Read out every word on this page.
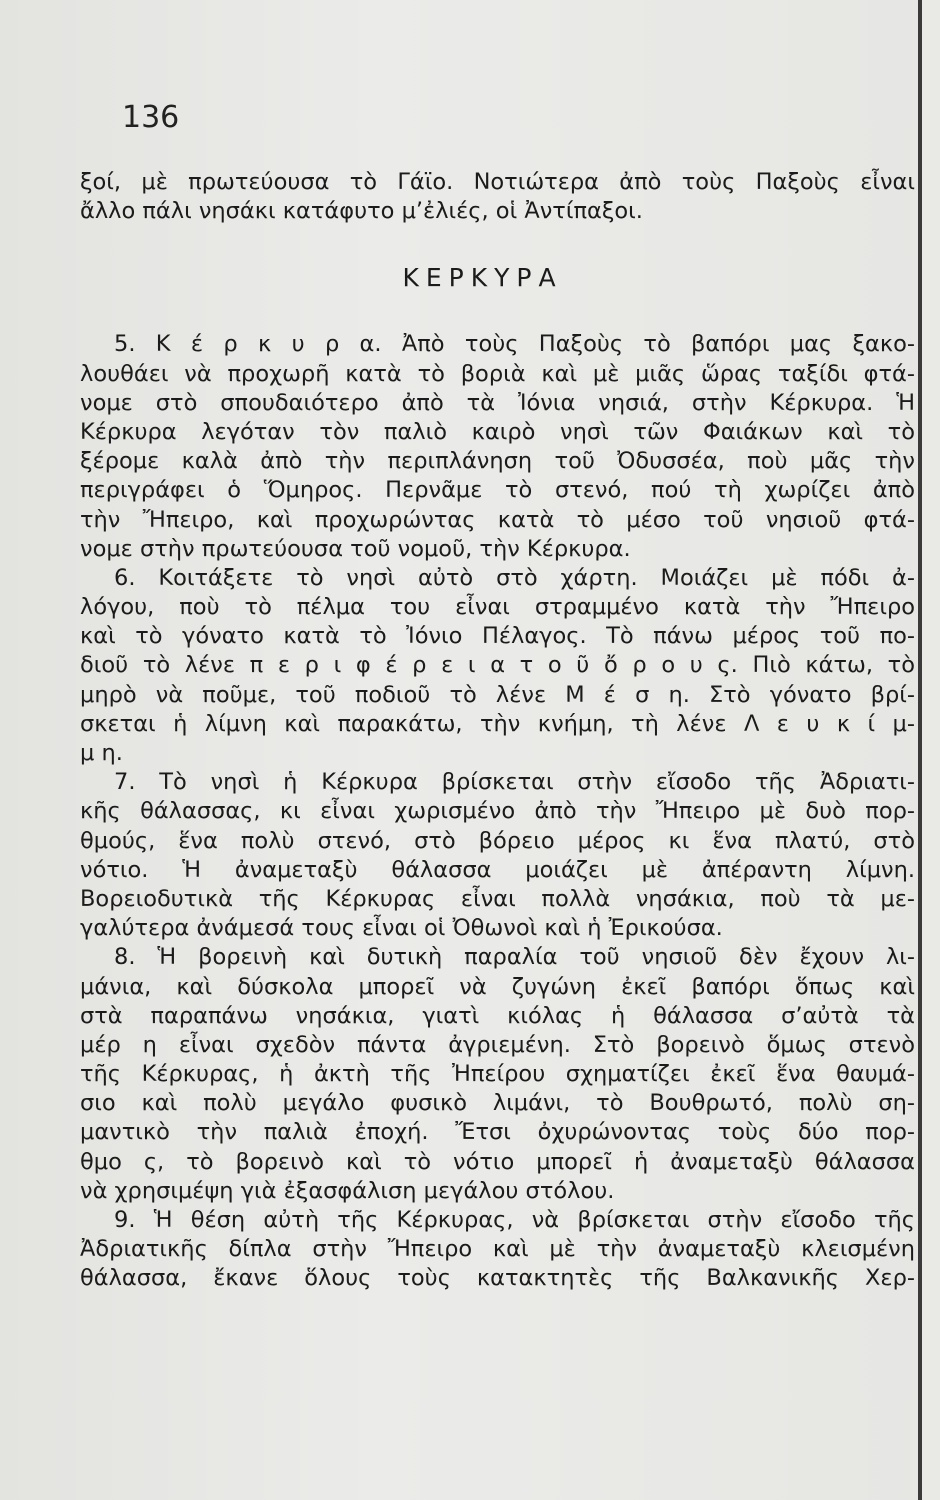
136
ξοί, μὲ πρωτεύουσα τὸ Γάϊο. Νοτιώτερα ἀπὸ τοὺς Παξοὺς εἶναι
ἄλλο πάλι νησάκι κατάφυτο μ’ἐλιές, οἱ Ἀντίπαξοι.
ΚΕΡΚΥΡΑ
5. Κ έ ρ κ υ ρ α. Ἀπὸ τοὺς Παξοὺς τὸ βαπόρι μας ξακο-
λουθάει νὰ προχωρῆ κατὰ τὸ βοριὰ καὶ μὲ μιᾶς ὥρας ταξίδι φτά-
νομε στὸ σπουδαιότερο ἀπὸ τὰ Ἰόνια νησιά, στὴν Κέρκυρα. Ἡ
Κέρκυρα λεγόταν τὸν παλιὸ καιρὸ νησὶ τῶν Φαιάκων καὶ τὸ
ξέρομε καλὰ ἀπὸ τὴν περιπλάνηση τοῦ Ὀδυσσέα, ποὺ μᾶς τὴν
περιγράφει ὁ Ὅμηρος. Περνᾶμε τὸ στενό, πού τὴ χωρίζει ἀπὸ
τὴν Ἤπειρο, καὶ προχωρώντας κατὰ τὸ μέσο τοῦ νησιοῦ φτά-
νομε στὴν πρωτεύουσα τοῦ νομοῦ, τὴν Κέρκυρα.
6. Κοιτάξετε τὸ νησὶ αὐτὸ στὸ χάρτη. Μοιάζει μὲ πόδι ἀ-
λόγου, ποὺ τὸ πέλμα του εἶναι στραμμένο κατὰ τὴν Ἤπειρο
καὶ τὸ γόνατο κατὰ τὸ Ἰόνιο Πέλαγος. Τὸ πάνω μέρος τοῦ πο-
διοῦ τὸ λένε π ε ρ ι φ έ ρ ε ι α τ ο ῦ ὄ ρ ο υ ς. Πιὸ κάτω, τὸ
μηρὸ νὰ ποῦμε, τοῦ ποδιοῦ τὸ λένε Μ έ σ η. Στὸ γόνατο βρί-
σκεται ἡ λίμνη καὶ παρακάτω, τὴν κνήμη, τὴ λένε Λ ε υ κ ί μ-
μ η.
7. Τὸ νησὶ ἡ Κέρκυρα βρίσκεται στὴν εἴσοδο τῆς Ἀδριατι-
κῆς θάλασσας, κι εἶναι χωρισμένο ἀπὸ τὴν Ἤπειρο μὲ δυὸ πορ-
θμούς, ἕνα πολὺ στενό, στὸ βόρειο μέρος κι ἕνα πλατύ, στὸ
νότιο. Ἡ ἀναμεταξὺ θάλασσα μοιάζει μὲ ἀπέραντη λίμνη.
Βορειοδυτικὰ τῆς Κέρκυρας εἶναι πολλὰ νησάκια, ποὺ τὰ με-
γαλύτερα ἀνάμεσά τους εἶναι οἱ Ὀθωνοὶ καὶ ἡ Ἐρικούσα.
8. Ἡ βορεινὴ καὶ δυτικὴ παραλία τοῦ νησιοῦ δὲν ἔχουν λι-
μάνια, καὶ δύσκολα μπορεῖ νὰ ζυγώνη ἐκεῖ βαπόρι ὅπως καὶ
στὰ παραπάνω νησάκια, γιατὶ κιόλας ἡ θάλασσα σ’αὐτὰ τὰ
μέρ η εἶναι σχεδὸν πάντα ἀγριεμένη. Στὸ βορεινὸ ὅμως στενὸ
τῆς Κέρκυρας, ἡ ἀκτὴ τῆς Ἠπείρου σχηματίζει ἐκεῖ ἕνα θαυμά-
σιο καὶ πολὺ μεγάλο φυσικὸ λιμάνι, τὸ Βουθρωτό, πολὺ ση-
μαντικὸ τὴν παλιὰ ἐποχή. Ἔτσι ὀχυρώνοντας τοὺς δύο πορ-
θμο ς, τὸ βορεινὸ καὶ τὸ νότιο μπορεῖ ἡ ἀναμεταξὺ θάλασσα
νὰ χρησιμέψη γιὰ ἐξασφάλιση μεγάλου στόλου.
9. Ἡ θέση αὐτὴ τῆς Κέρκυρας, νὰ βρίσκεται στὴν εἴσοδο τῆς
Ἀδριατικῆς δίπλα στὴν Ἤπειρο καὶ μὲ τὴν ἀναμεταξὺ κλεισμένη
θάλασσα, ἔκανε ὅλους τοὺς κατακτητὲς τῆς Βαλκανικῆς Χερ-
